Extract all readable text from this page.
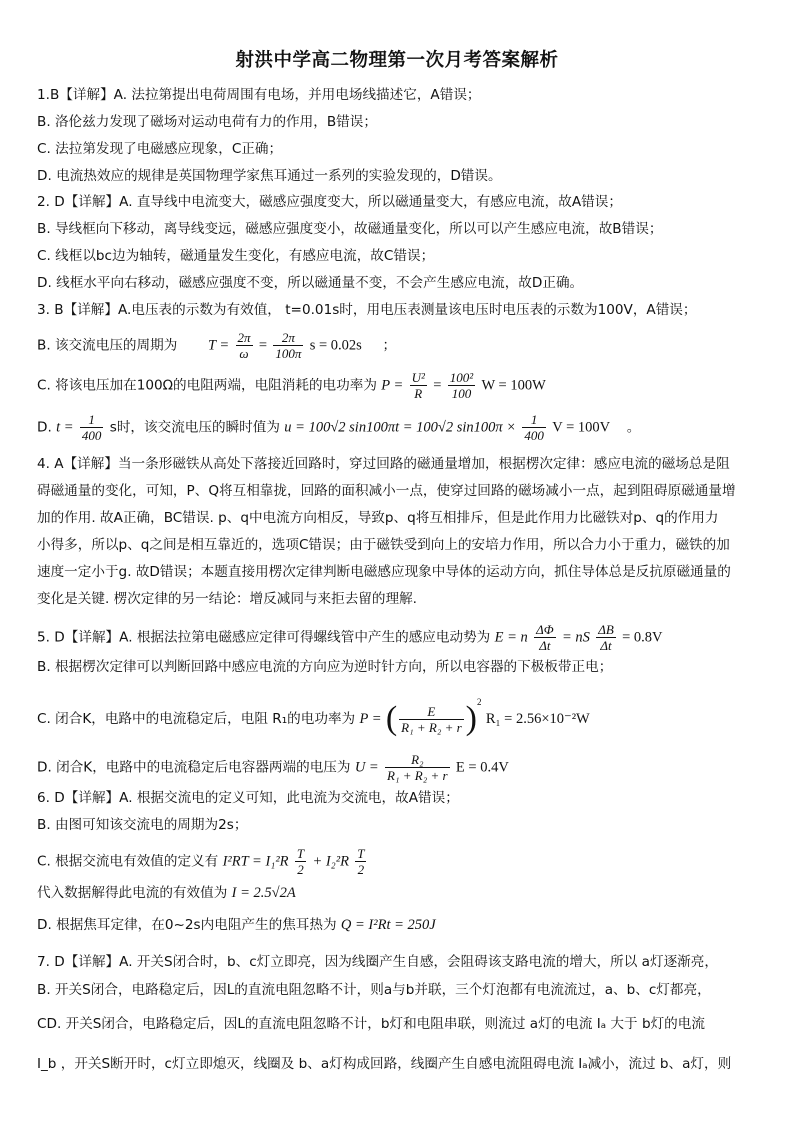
射洪中学高二物理第一次月考答案解析
1.B【详解】A. 法拉第提出电荷周围有电场，并用电场线描述它，A错误；
B. 洛伦兹力发现了磁场对运动电荷有力的作用，B错误；
C. 法拉第发现了电磁感应现象，C正确；
D. 电流热效应的规律是英国物理学家焦耳通过一系列的实验发现的，D错误。
2. D【详解】A. 直导线中电流变大，磁感应强度变大，所以磁通量变大，有感应电流，故A错误；
B. 导线框向下移动，离导线变远，磁感应强度变小，故磁通量变化，所以可以产生感应电流，故B错误；
C. 线框以bc边为轴转，磁通量发生变化，有感应电流，故C错误；
D. 线框水平向右移动，磁感应强度不变，所以磁通量不变，不会产生感应电流，故D正确。
3. B【详解】A.电压表的示数为有效值， t=0.01s时，用电压表测量该电压时电压表的示数为100V，A错误；
B. 该交流电压的周期为 $T = \frac{2\pi}{\omega} = \frac{2\pi}{100\pi}$ s = 0.02s ；
C. 将该电压加在100Ω的电阻两端，电阻消耗的电功率为 $P = \frac{\text{U²}}{R} = \frac{\text{100²}}{100}$ W = 100W
D. $t = \frac{1}{400}$ s时，该交流电压的瞬时值为 u = 100√2 sin100πt = 100√2 $\sin 100\pi \times \frac{1}{400}$ V = 100V 。
4. A【详解】当一条形磁铁从高处下落接近回路时，穿过回路的磁通量增加，根据楞次定律：感应电流的磁场总是阻
碍磁通量的变化，可知，P、Q将互相靠拢，回路的面积减小一点，使穿过回路的磁场减小一点，起到阻碍原磁通量增
加的作用. 故A正确，BC错误. p、q中电流方向相反，导致p、q将互相排斥，但是此作用力比磁铁对p、q的作用力
小得多，所以p、q之间是相互靠近的，选项C错误；由于磁铁受到向上的安培力作用，所以合力小于重力，磁铁的加
速度一定小于g. 故D错误；本题直接用楞次定律判断电磁感应现象中导体的运动方向，抓住导体总是反抗原磁通量的
变化是关键. 楞次定律的另一结论：增反减同与来拒去留的理解.
5. D【详解】A. 根据法拉第电磁感应定律可得螺线管中产生的感应电动势为 E = n $\frac{\Delta\Phi}{\Delta t}$ = nS $\frac{\Delta B}{\Delta t} = 0.8V$
B. 根据楞次定律可以判断回路中感应电流的方向应为逆时针方向，所以电容器的下极板带正电；
C. 闭合K，电路中的电流稳定后，电阻 R₁的电功率为 P = ( $\frac{E}{\text{R₁ + R₂ + r}} )^2$ R₁ = 2.56×10⁻²W
D. 闭合K，电路中的电流稳定后电容器两端的电压为 $U = \frac{\text{R₂}}{\text{R₁ + R₂ + r}}$ E = 0.4V
6. D【详解】A. 根据交流电的定义可知，此电流为交流电，故A错误；
B. 由图可知该交流电的周期为2s；
C. 根据交流电有效值的定义有 $I^2RT = I_1^2R \frac{T}{2} + I_2^2R \frac{T}{2}$
代入数据解得此电流的有效值为 I = 2.5√2A
D. 根据焦耳定律，在0~2s内电阻产生的焦耳热为 Q = I²Rt = 250J
7. D【详解】A. 开关S闭合时，b、c灯立即亮，因为线圈产生自感，会阻碍该支路电流的增大，所以 a灯逐渐亮，
B. 开关S闭合，电路稳定后，因L的直流电阻忽略不计，则a与b并联，三个灯泡都有电流流过，a、b、c灯都亮，
CD. 开关S闭合，电路稳定后，因L的直流电阻忽略不计，b灯和电阻串联，则流过 a灯的电流 Iₐ 大于 b灯的电流
I_b ，开关S断开时，c灯立即熄灭，线圈及 b、a灯构成回路，线圈产生自感电流阻碍电流 Iₐ减小，流过 b、a灯，则
